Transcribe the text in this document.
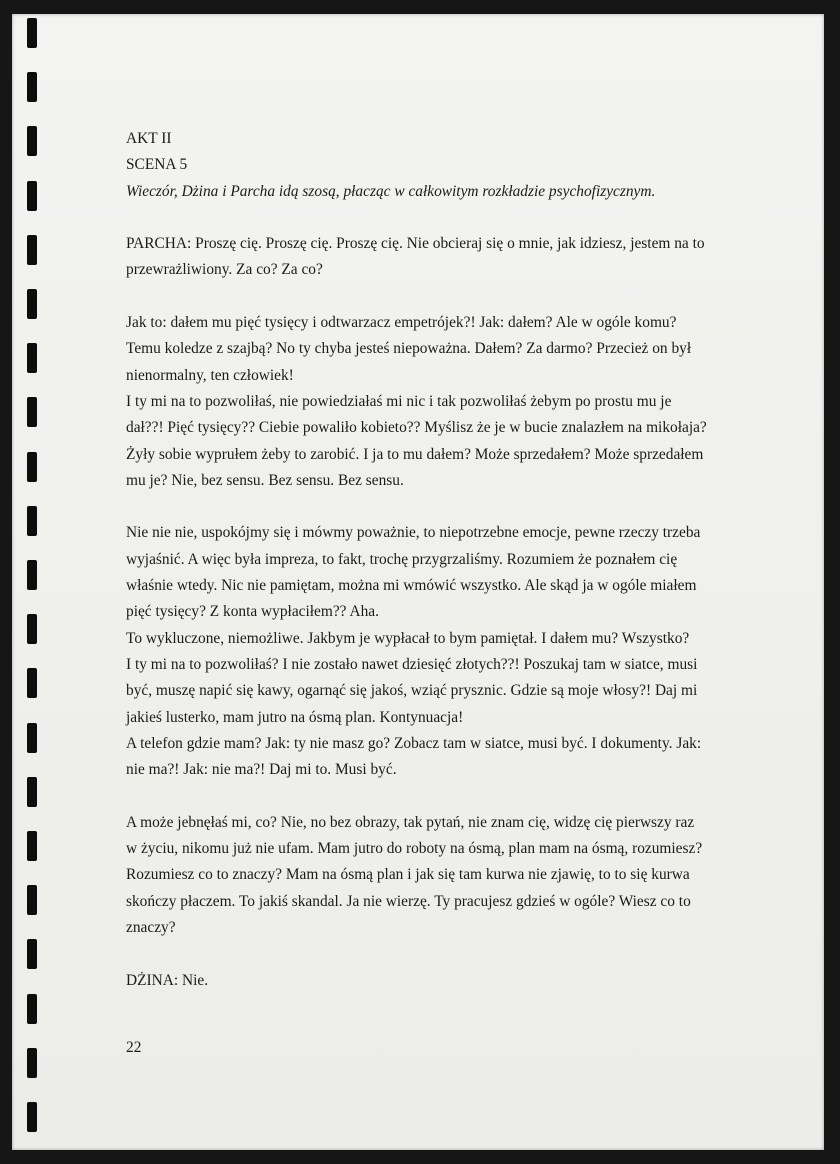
AKT II
SCENA 5
Wieczór, Dżina i Parcha idą szosą, płacząc w całkowitym rozkładzie psychofizycznym.
PARCHA: Proszę cię. Proszę cię. Proszę cię. Nie obcieraj się o mnie, jak idziesz, jestem na to
przewrażliwiony. Za co? Za co?
Jak to: dałem mu pięć tysięcy i odtwarzacz empetrójek?! Jak: dałem? Ale w ogóle komu?
Temu koledze z szajbą? No ty chyba jesteś niepoważna. Dałem? Za darmo? Przecież on był
nienormalny, ten człowiek!
I ty mi na to pozwoliłaś, nie powiedziałaś mi nic i tak pozwoliłaś żebym po prostu mu je
dał??! Pięć tysięcy?? Ciebie powaliło kobieto?? Myślisz że je w bucie znalazłem na mikołaja?
Żyły sobie wyprułem żeby to zarobić. I ja to mu dałem? Może sprzedałem? Może sprzedałem
mu je? Nie, bez sensu. Bez sensu. Bez sensu.
Nie nie nie, uspokójmy się i mówmy poważnie, to niepotrzebne emocje, pewne rzeczy trzeba
wyjaśnić. A więc była impreza, to fakt, trochę przygrzaliśmy. Rozumiem że poznałem cię
właśnie wtedy. Nic nie pamiętam, można mi wmówić wszystko. Ale skąd ja w ogóle miałem
pięć tysięcy? Z konta wypłaciłem?? Aha.
To wykluczone, niemożliwe. Jakbym je wypłacał to bym pamiętał. I dałem mu? Wszystko?
I ty mi na to pozwoliłaś? I nie zostało nawet dziesięć złotych??! Poszukaj tam w siatce, musi
być, muszę napić się kawy, ogarnąć się jakoś, wziąć prysznic. Gdzie są moje włosy?! Daj mi
jakieś lusterko, mam jutro na ósmą plan. Kontynuacja!
A telefon gdzie mam? Jak: ty nie masz go? Zobacz tam w siatce, musi być. I dokumenty. Jak:
nie ma?! Jak: nie ma?! Daj mi to. Musi być.
A może jebnęłaś mi, co? Nie, no bez obrazy, tak pytań, nie znam cię, widzę cię pierwszy raz
w życiu, nikomu już nie ufam. Mam jutro do roboty na ósmą, plan mam na ósmą, rozumiesz?
Rozumiesz co to znaczy? Mam na ósmą plan i jak się tam kurwa nie zjawię, to to się kurwa
skończy płaczem. To jakiś skandal. Ja nie wierzę. Ty pracujesz gdzieś w ogóle? Wiesz co to
znaczy?
DŻINA: Nie.
22
